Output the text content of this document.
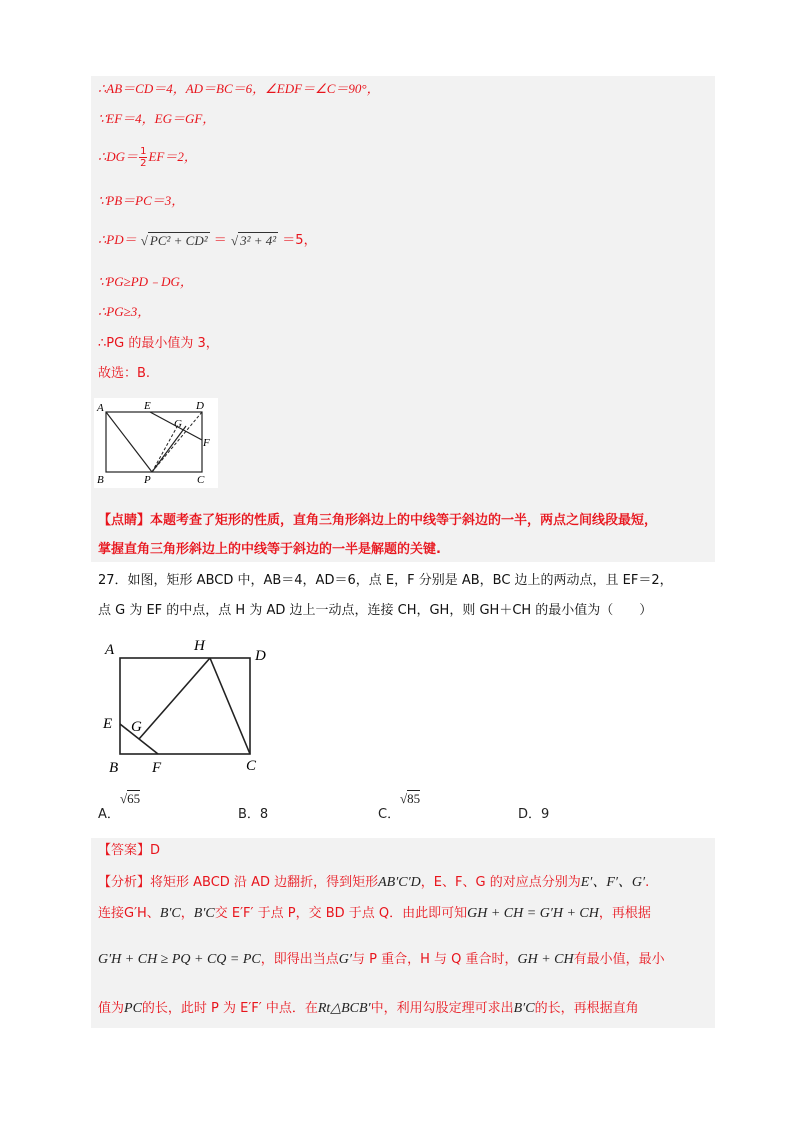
∴AB＝CD＝4，AD＝BC＝6，∠EDF＝∠C＝90°，
∵EF＝4，EG＝GF，
∴DG＝ $\frac{1}{2} EF=2$，
∵PB＝PC＝3，
∴PD＝ √ PC² + CD² ＝ √ 3² + 4² ＝5，
∵PG≥PD﹣DG，
∴PG≥3，
∴PG 的最小值为 3，
故选：B.
A	E	D
G
F
B	P	C
【点睛】本题考查了矩形的性质，直角三角形斜边上的中线等于斜边的一半，两点之间线段最短，
掌握直角三角形斜边上的中线等于斜边的一半是解题的关键.
27．如图，矩形 ABCD 中，AB＝4，AD＝6，点 E，F 分别是 AB，BC 边上的两动点，且 EF＝2，
点 G 为 EF 的中点，点 H 为 AD 边上一动点，连接 CH，GH，则 GH＋CH 的最小值为（　　）
A	H
D
E G
B F	C
A．
√65
B．8	C．
√85
D．9
【答案】D
【分析】将矩形 ABCD 沿 AD 边翻折，得到矩形AB′C′D，E、F、G 的对应点分别为E′、F′、G′.
连接G′H、B′C，B′C交 E′F′ 于点 P，交 BD 于点 Q．由此即可知GH + CH = G′H + CH，再根据
G′H + CH ≥ PQ + CQ = PC，即得出当点G′与 P 重合，H 与 Q 重合时，GH + CH有最小值，最小
值为PC的长，此时 P 为 E′F′ 中点．在Rt△BCB′中，利用勾股定理可求出B′C的长，再根据直角
